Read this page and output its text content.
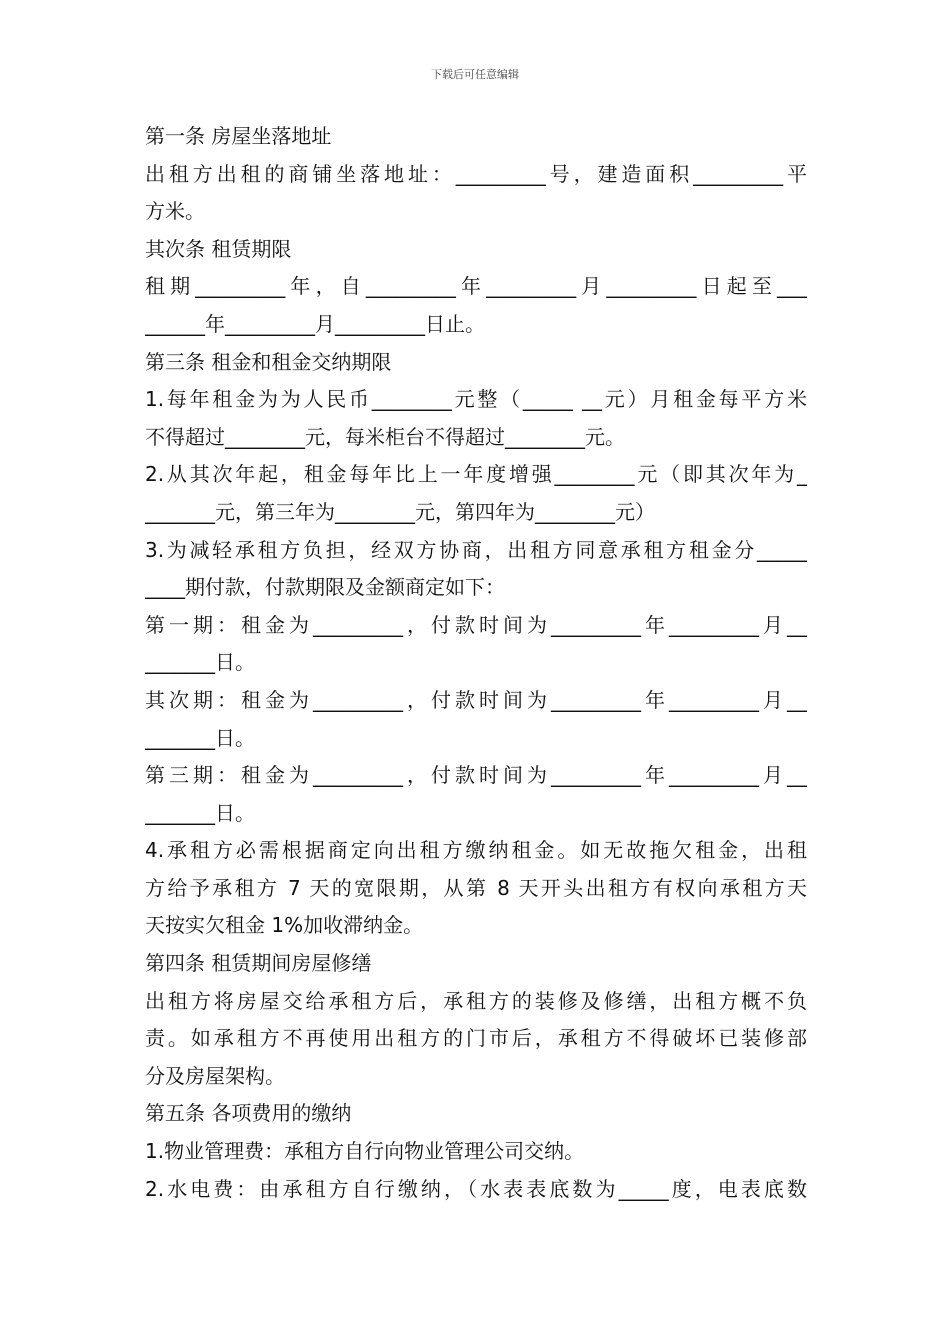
下载后可任意编辑
第一条 房屋坐落地址
出租方出租的商铺坐落地址：_________号，建造面积_________平
方米。
其次条 租赁期限
租期_________年，自_________年_________月_________日起至___
______年_________月_________日止。
第三条 租金和租金交纳期限
1.每年租金为为人民币________元整（_____ __元）月租金每平方米
不得超过________元，每米柜台不得超过________元。
2.从其次年起，租金每年比上一年度增强________元（即其次年为_
_______元，第三年为________元，第四年为________元）
3.为减轻承租方负担，经双方协商，出租方同意承租方租金分_____
____期付款，付款期限及金额商定如下：
第一期：租金为_________，付款时间为_________年_________月__
_______日。
其次期：租金为_________，付款时间为_________年_________月__
_______日。
第三期：租金为_________，付款时间为_________年_________月__
_______日。
4.承租方必需根据商定向出租方缴纳租金。如无故拖欠租金，出租
方给予承租方 7 天的宽限期，从第 8 天开头出租方有权向承租方天
天按实欠租金 1%加收滞纳金。
第四条 租赁期间房屋修缮
出租方将房屋交给承租方后，承租方的装修及修缮，出租方概不负
责。如承租方不再使用出租方的门市后，承租方不得破坏已装修部
分及房屋架构。
第五条 各项费用的缴纳
1.物业管理费：承租方自行向物业管理公司交纳。
2.水电费：由承租方自行缴纳，（水表表底数为_____度，电表底数
